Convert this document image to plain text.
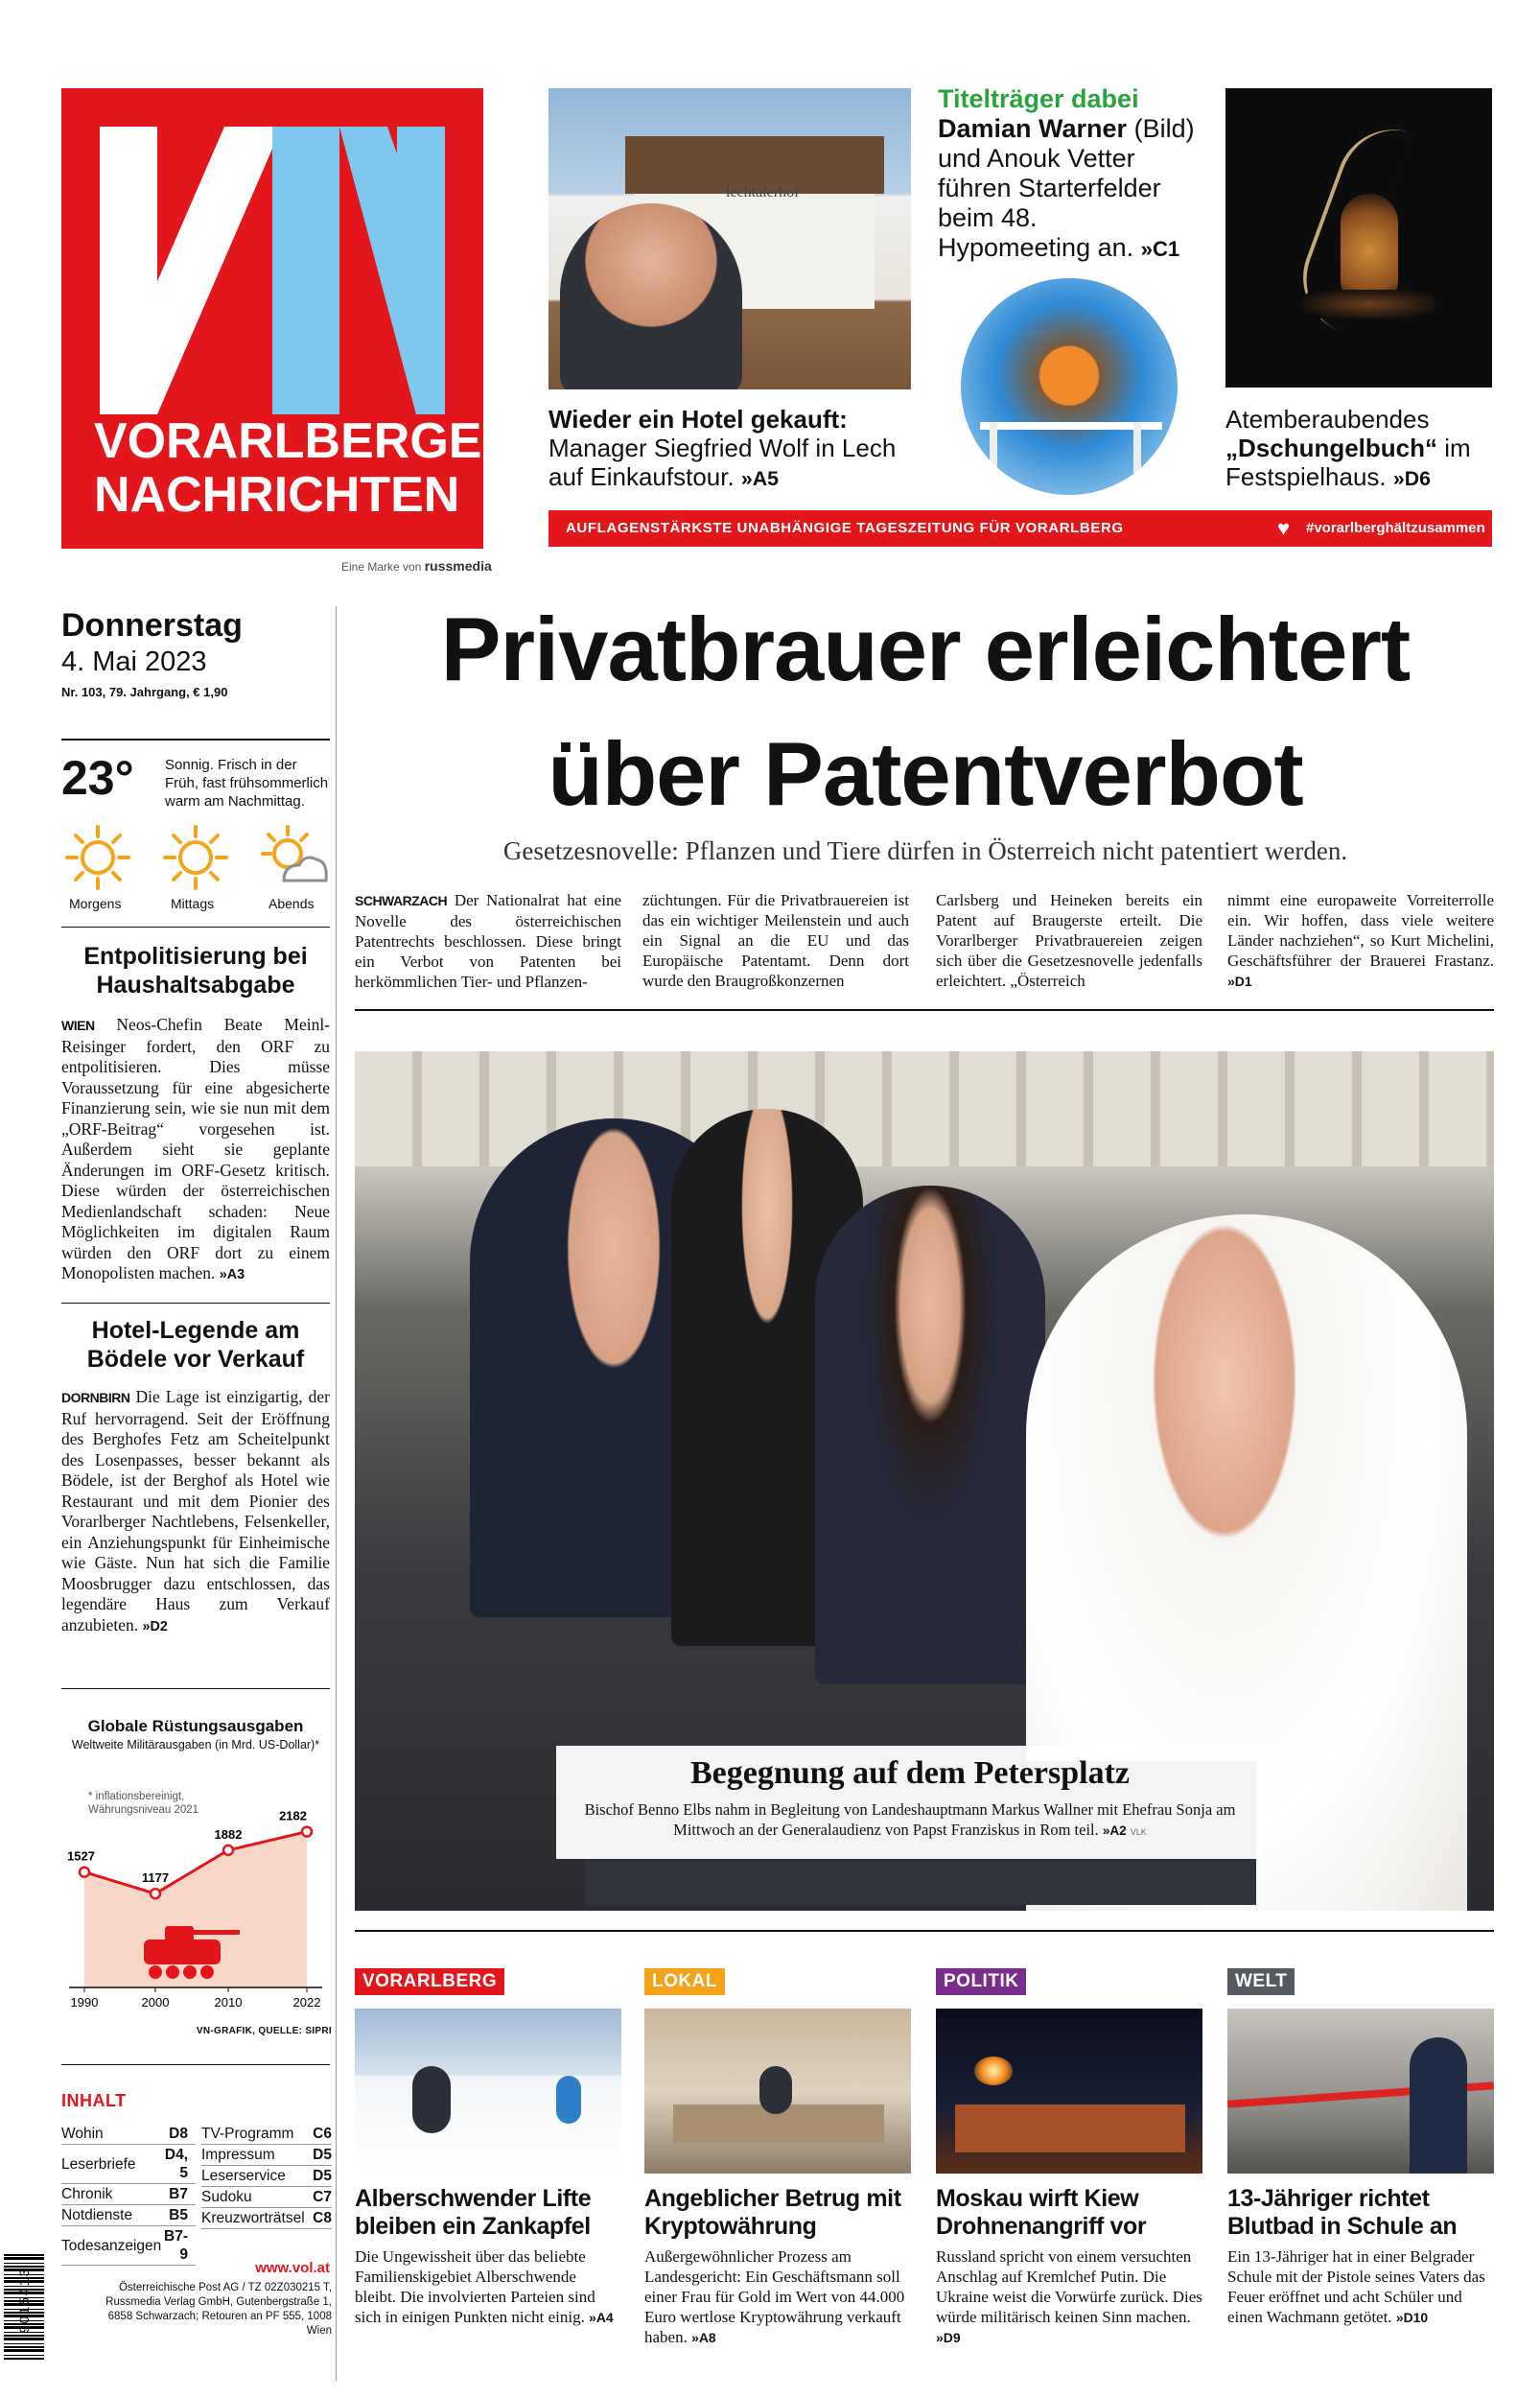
VORARLBERGER
NACHRICHTEN
Eine Marke von russmedia
lechtalerhof
Wieder ein Hotel gekauft: Manager Siegfried Wolf in Lech auf Einkaufstour. »A5
Titelträger dabei
Damian Warner (Bild) und Anouk Vetter führen Starterfelder beim 48. Hypomeeting an. »C1
Atemberaubendes
„Dschungelbuch“ im Festspielhaus. »D6
AUFLAGENSTÄRKSTE UNABHÄNGIGE TAGESZEITUNG FÜR VORARLBERG	♥ #vorarlberghältzusammen
Donnerstag
4. Mai 2023
Nr. 103, 79. Jahrgang, € 1,90
23° Sonnig. Frisch in der Früh, fast frühsommerlich warm am Nachmittag.
Morgens	Mittags	Abends
Entpolitisierung bei Haushaltsabgabe
WIEN Neos-Chefin Beate Meinl-Reisinger fordert, den ORF zu entpolitisieren. Dies müsse Voraussetzung für eine abgesicherte Finanzierung sein, wie sie nun mit dem „ORF-Beitrag“ vorgesehen ist. Außerdem sieht sie geplante Änderungen im ORF-Gesetz kritisch. Diese würden der österreichischen Medienlandschaft schaden: Neue Möglichkeiten im digitalen Raum würden den ORF dort zu einem Monopolisten machen. »A3
Hotel-Legende am Bödele vor Verkauf
DORNBIRN Die Lage ist einzigartig, der Ruf hervorragend. Seit der Eröffnung des Berghofes Fetz am Scheitelpunkt des Losenpasses, besser bekannt als Bödele, ist der Berghof als Hotel wie Restaurant und mit dem Pionier des Vorarlberger Nachtlebens, Felsenkeller, ein Anziehungspunkt für Einheimische wie Gäste. Nun hat sich die Familie Moosbrugger dazu entschlossen, das legendäre Haus zum Verkauf anzubieten. »D2
Globale Rüstungsausgaben
Weltweite Militärausgaben (in Mrd. US-Dollar)*
* inflationsbereinigt, Währungsniveau 2021
1527
1177
1882
2182
1990	2000	2010	2022
VN-GRAFIK, QUELLE: SIPRI
INHALT
Wohin	D8
Leserbriefe	D4, 5
Chronik	B7
Notdienste	B5
Todesanzeigen	B7-9
TV-Programm	C6
Impressum	D5
Leserservice	D5
Sudoku	C7
Kreuzworträtsel	C8
9015413	www.vol.at
Österreichische Post AG / TZ 02Z030215 T, Russmedia Verlag GmbH, Gutenbergstraße 1, 6858 Schwarzach; Retouren an PF 555, 1008 Wien
Privatbrauer erleichtert
über Patentverbot
Gesetzesnovelle: Pflanzen und Tiere dürfen in Österreich nicht patentiert werden.
SCHWARZACH Der Nationalrat hat eine Novelle des österreichischen Patentrechts beschlossen. Diese bringt ein Verbot von Patenten bei herkömmlichen Tier- und Pflanzen-
züchtungen. Für die Privatbrauereien ist das ein wichtiger Meilenstein und auch ein Signal an die EU und das Europäische Patentamt. Denn dort wurde den Braugroßkonzernen
Carlsberg und Heineken bereits ein Patent auf Braugerste erteilt. Die Vorarlberger Privatbrauereien zeigen sich über die Gesetzesnovelle jedenfalls erleichtert. „Österreich
nimmt eine europaweite Vorreiterrolle ein. Wir hoffen, dass viele weitere Länder nachziehen“, so Kurt Michelini, Geschäftsführer der Brauerei Frastanz. »D1
Begegnung auf dem Petersplatz
Bischof Benno Elbs nahm in Begleitung von Landeshauptmann Markus Wallner mit Ehefrau Sonja am Mittwoch an der Generalaudienz von Papst Franziskus in Rom teil. »A2 VLK
VORARLBERG
Alberschwender Lifte bleiben ein Zankapfel
Die Ungewissheit über das beliebte Familienskigebiet Alberschwende bleibt. Die involvierten Parteien sind sich in einigen Punkten nicht einig. »A4
LOKAL
Angeblicher Betrug mit Kryptowährung
Außergewöhnlicher Prozess am Landesgericht: Ein Geschäftsmann soll einer Frau für Gold im Wert von 44.000 Euro wertlose Kryptowährung verkauft haben. »A8
POLITIK
Moskau wirft Kiew Drohnenangriff vor
Russland spricht von einem versuchten Anschlag auf Kremlchef Putin. Die Ukraine weist die Vorwürfe zurück. Dies würde militärisch keinen Sinn machen. »D9
WELT
13-Jähriger richtet Blutbad in Schule an
Ein 13-Jähriger hat in einer Belgrader Schule mit der Pistole seines Vaters das Feuer eröffnet und acht Schüler und einen Wachmann getötet. »D10
